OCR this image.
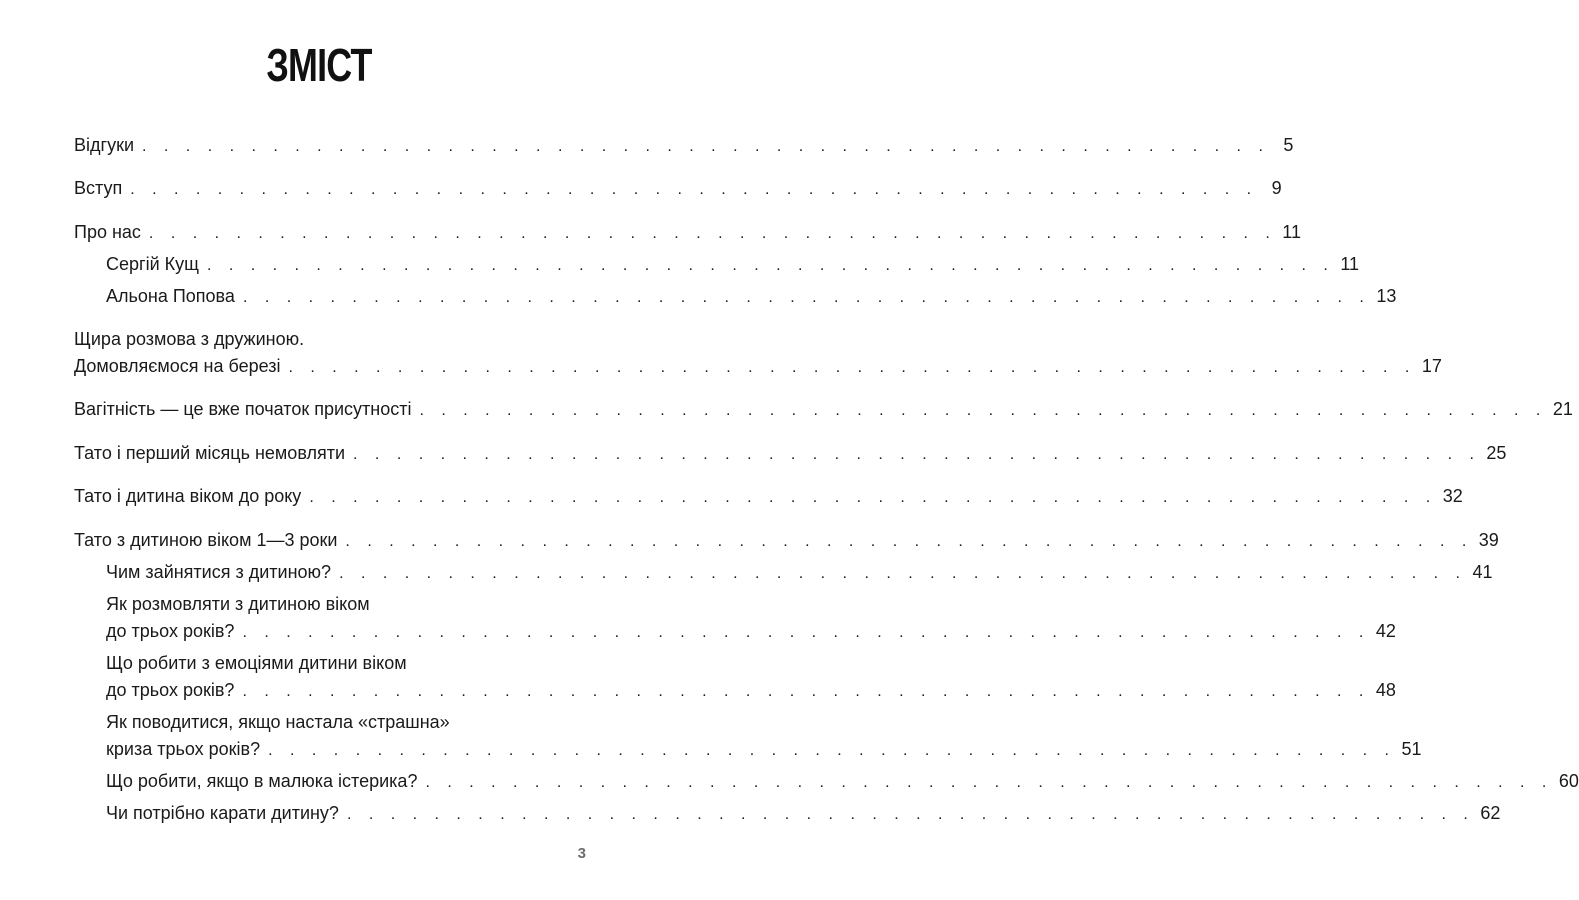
ЗМІСТ
Відгуки . . . . . . . . . . . . . . . . . . . . . . . . . . . . . . . . . . . . . . . . . . . . . . . . . . . . 5
Вступ . . . . . . . . . . . . . . . . . . . . . . . . . . . . . . . . . . . . . . . . . . . . . . . . . . . . 9
Про нас . . . . . . . . . . . . . . . . . . . . . . . . . . . . . . . . . . . . . . . . . . . . . . . . . . . . 11
Сергій Кущ . . . . . . . . . . . . . . . . . . . . . . . . . . . . . . . . . . . . . . . . . . . . . . . . . . . . 11
Альона Попова . . . . . . . . . . . . . . . . . . . . . . . . . . . . . . . . . . . . . . . . . . . . . . . . . . . . 13
Щира розмова з дружиною.
Домовляємося на березі . . . . . . . . . . . . . . . . . . . . . . . . . . . . . . . . . . . . . . . . . . . . . . . . . . . . 17
Вагітність — це вже початок присутності . . . . . . . . . . . . . . . . . . . . . . . . . . . . . . . . . . . . . . . . . . . . . . . . . . . . 21
Тато і перший місяць немовляти . . . . . . . . . . . . . . . . . . . . . . . . . . . . . . . . . . . . . . . . . . . . . . . . . . . . 25
Тато і дитина віком до року . . . . . . . . . . . . . . . . . . . . . . . . . . . . . . . . . . . . . . . . . . . . . . . . . . . . 32
Тато з дитиною віком 1—3 роки . . . . . . . . . . . . . . . . . . . . . . . . . . . . . . . . . . . . . . . . . . . . . . . . . . . . 39
Чим зайнятися з дитиною? . . . . . . . . . . . . . . . . . . . . . . . . . . . . . . . . . . . . . . . . . . . . . . . . . . . . 41
Як розмовляти з дитиною віком
до трьох років? . . . . . . . . . . . . . . . . . . . . . . . . . . . . . . . . . . . . . . . . . . . . . . . . . . . . 42
Що робити з емоціями дитини віком
до трьох років? . . . . . . . . . . . . . . . . . . . . . . . . . . . . . . . . . . . . . . . . . . . . . . . . . . . . 48
Як поводитися, якщо настала «страшна»
криза трьох років? . . . . . . . . . . . . . . . . . . . . . . . . . . . . . . . . . . . . . . . . . . . . . . . . . . . . 51
Що робити, якщо в малюка істерика? . . . . . . . . . . . . . . . . . . . . . . . . . . . . . . . . . . . . . . . . . . . . . . . . . . . . 60
Чи потрібно карати дитину? . . . . . . . . . . . . . . . . . . . . . . . . . . . . . . . . . . . . . . . . . . . . . . . . . . . . 62
3
